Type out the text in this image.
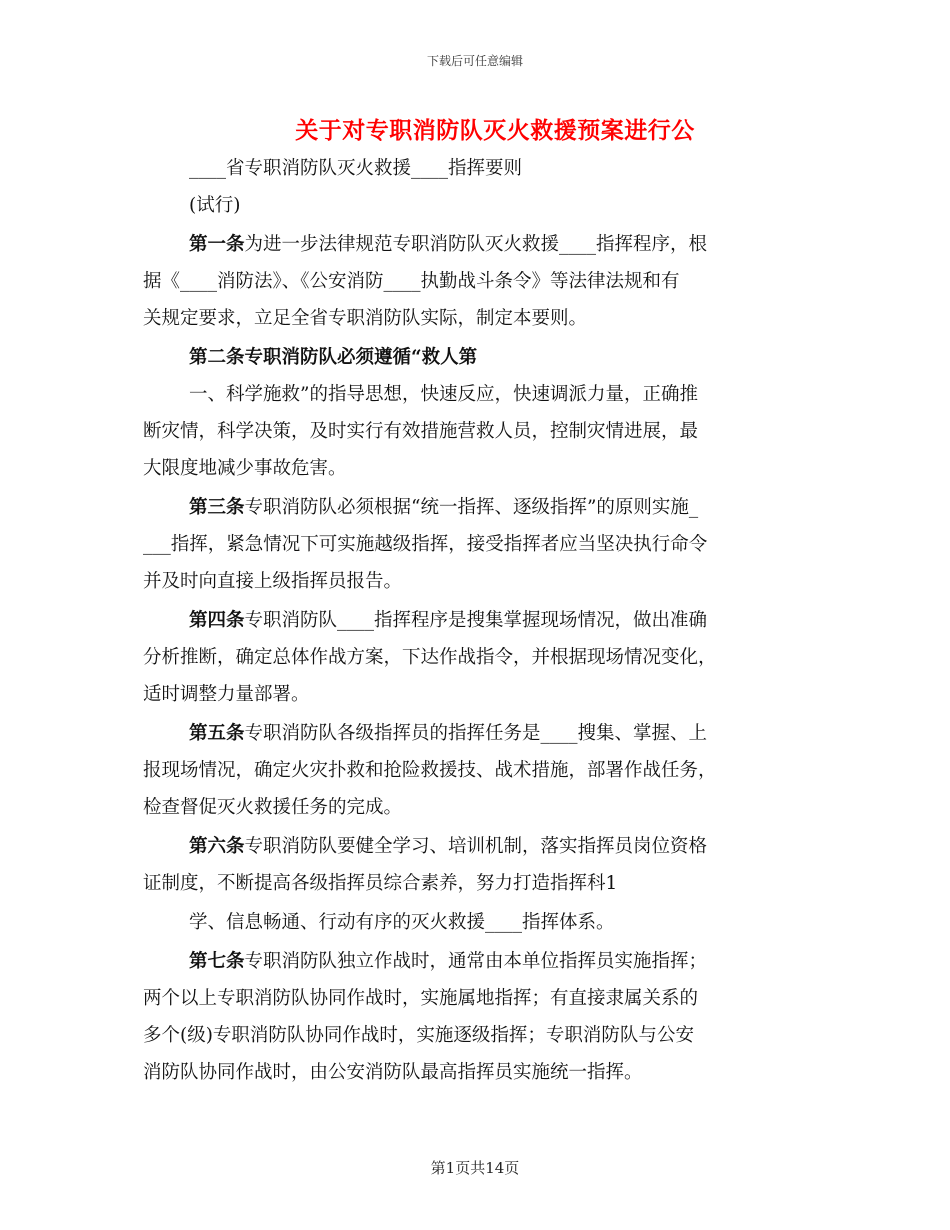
下载后可任意编辑
关于对专职消防队灭火救援预案进行公
____省专职消防队灭火救援____指挥要则
(试行)
第一条为进一步法律规范专职消防队灭火救援____指挥程序，根
据《____消防法》、《公安消防____执勤战斗条令》等法律法规和有
关规定要求，立足全省专职消防队实际，制定本要则。
第二条专职消防队必须遵循“救人第
一、科学施救”的指导思想，快速反应，快速调派力量，正确推
断灾情，科学决策，及时实行有效措施营救人员，控制灾情进展，最
大限度地减少事故危害。
第三条专职消防队必须根据“统一指挥、逐级指挥”的原则实施_
___指挥，紧急情况下可实施越级指挥，接受指挥者应当坚决执行命令
并及时向直接上级指挥员报告。
第四条专职消防队____指挥程序是搜集掌握现场情况，做出准确
分析推断，确定总体作战方案，下达作战指令，并根据现场情况变化，
适时调整力量部署。
第五条专职消防队各级指挥员的指挥任务是____搜集、掌握、上
报现场情况，确定火灾扑救和抢险救援技、战术措施，部署作战任务，
检查督促灭火救援任务的完成。
第六条专职消防队要健全学习、培训机制，落实指挥员岗位资格
证制度，不断提高各级指挥员综合素养，努力打造指挥科1
学、信息畅通、行动有序的灭火救援____指挥体系。
第七条专职消防队独立作战时，通常由本单位指挥员实施指挥；
两个以上专职消防队协同作战时，实施属地指挥；有直接隶属关系的
多个(级)专职消防队协同作战时，实施逐级指挥；专职消防队与公安
消防队协同作战时，由公安消防队最高指挥员实施统一指挥。
第1页共14页
